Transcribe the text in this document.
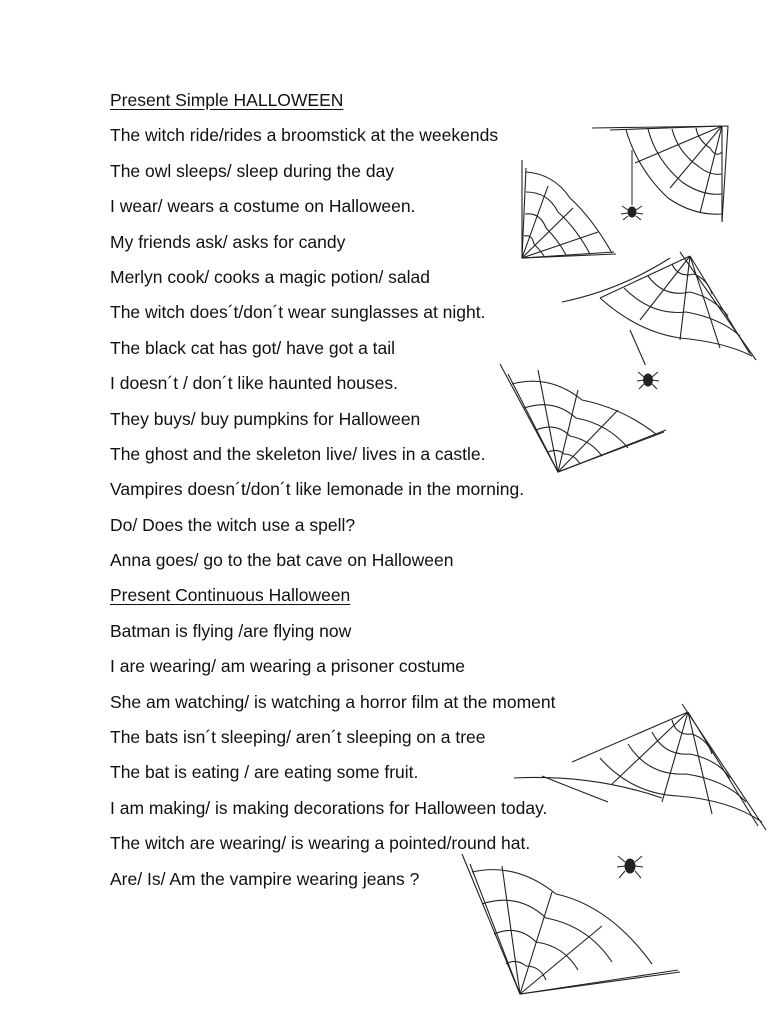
Present Simple HALLOWEEN
The witch ride/rides a broomstick at the weekends
The owl sleeps/ sleep during the day
I wear/ wears a costume on Halloween.
My friends ask/ asks for candy
Merlyn cook/ cooks a magic potion/ salad
The witch does´t/don´t wear sunglasses at night.
The black cat has got/ have got a tail
I doesn´t / don´t like haunted houses.
They buys/ buy pumpkins for Halloween
The ghost and the skeleton live/ lives in a castle.
Vampires doesn´t/don´t like lemonade in the morning.
Do/ Does the witch use a spell?
Anna goes/ go to the bat cave on Halloween
Present Continuous Halloween
Batman is flying /are flying now
I are wearing/ am wearing a prisoner costume
She am watching/ is watching a horror film at the moment
The bats isn´t sleeping/ aren´t sleeping on a tree
The bat is eating / are eating some fruit.
I am making/ is making decorations for Halloween today.
The witch are wearing/ is wearing a pointed/round hat.
Are/ Is/ Am the vampire wearing jeans ?
